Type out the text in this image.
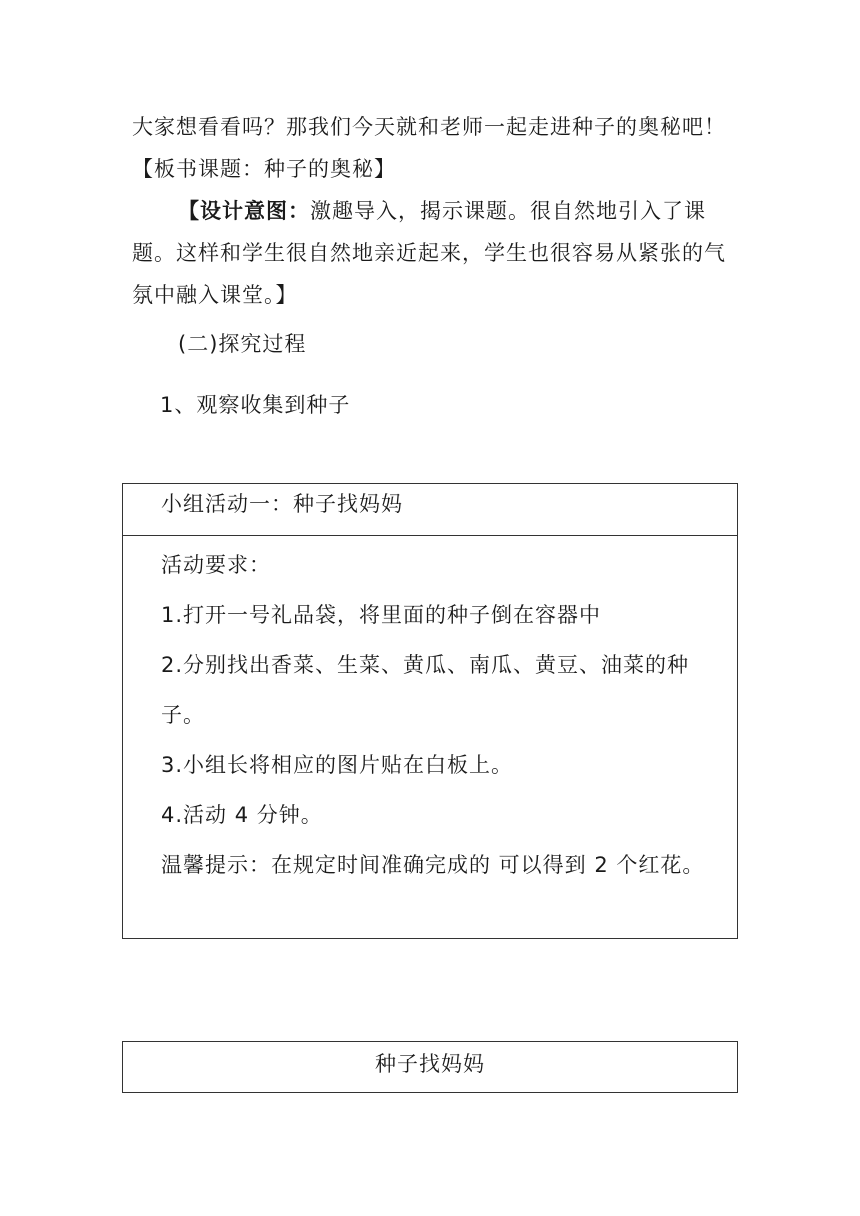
大家想看看吗？那我们今天就和老师一起走进种子的奥秘吧！【板书课题：种子的奥秘】

【设计意图：激趣导入，揭示课题。很自然地引入了课题。这样和学生很自然地亲近起来，学生也很容易从紧张的气氛中融入课堂。】

(二)探究过程

1、观察收集到种子

小组活动一：种子找妈妈
活动要求：
1.打开一号礼品袋，将里面的种子倒在容器中
2.分别找出香菜、生菜、黄瓜、南瓜、黄豆、油菜的种子。
3.小组长将相应的图片贴在白板上。
4.活动 4 分钟。
温馨提示：在规定时间准确完成的 可以得到 2 个红花。
种子找妈妈
